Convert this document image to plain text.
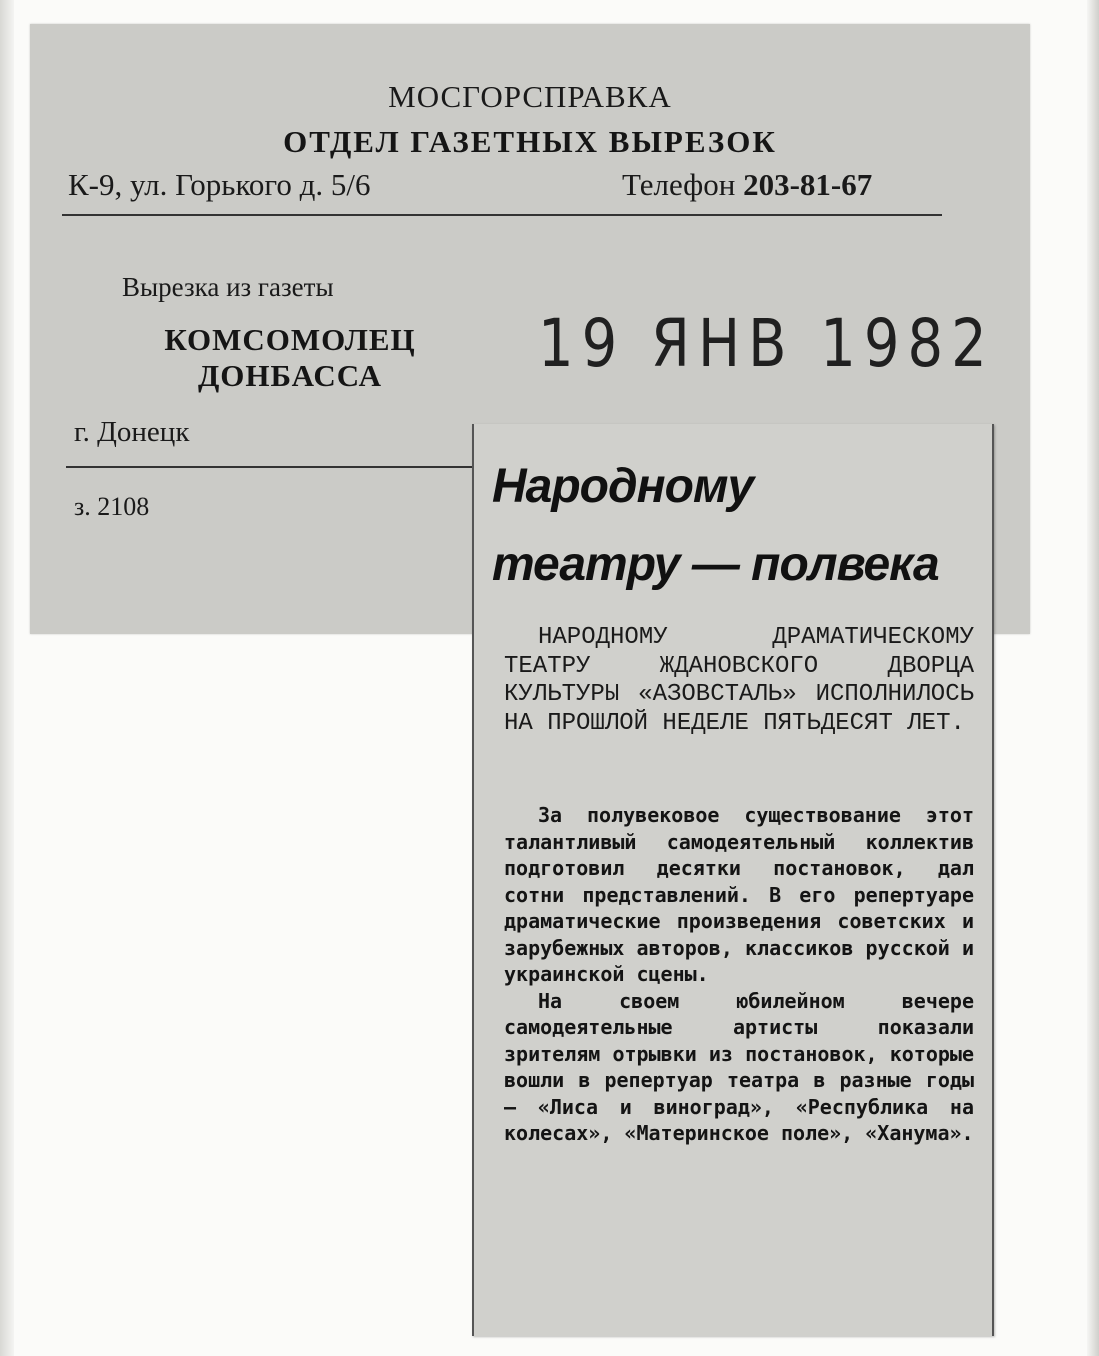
МОСГОРСПРАВКА
ОТДЕЛ ГАЗЕТНЫХ ВЫРЕЗОК
К-9, ул. Горького д. 5/6	Телефон 203-81-67
Вырезка из газеты
КОМСОМОЛЕЦ
ДОНБАССА
г. Донецк
з. 2108
19 ЯНВ 1982
Народному
театру — полвека

НАРОДНОМУ ДРАМАТИЧЕСКОМУ ТЕАТРУ ЖДАНОВСКОГО ДВОРЦА КУЛЬТУРЫ «АЗОВСТАЛЬ» ИСПОЛНИЛОСЬ НА ПРОШЛОЙ НЕДЕЛЕ ПЯТЬДЕСЯТ ЛЕТ.

За полувековое существование этот талантливый самодеятельный коллектив подготовил десятки постановок, дал сотни представлений. В его репертуаре драматические произведения советских и зарубежных авторов, классиков русской и украинской сцены.

На своем юбилейном вечере самодеятельные артисты показали зрителям отрывки из постановок, которые вошли в репертуар театра в разные годы — «Лиса и виноград», «Республика на колесах», «Материнское поле», «Ханума».
